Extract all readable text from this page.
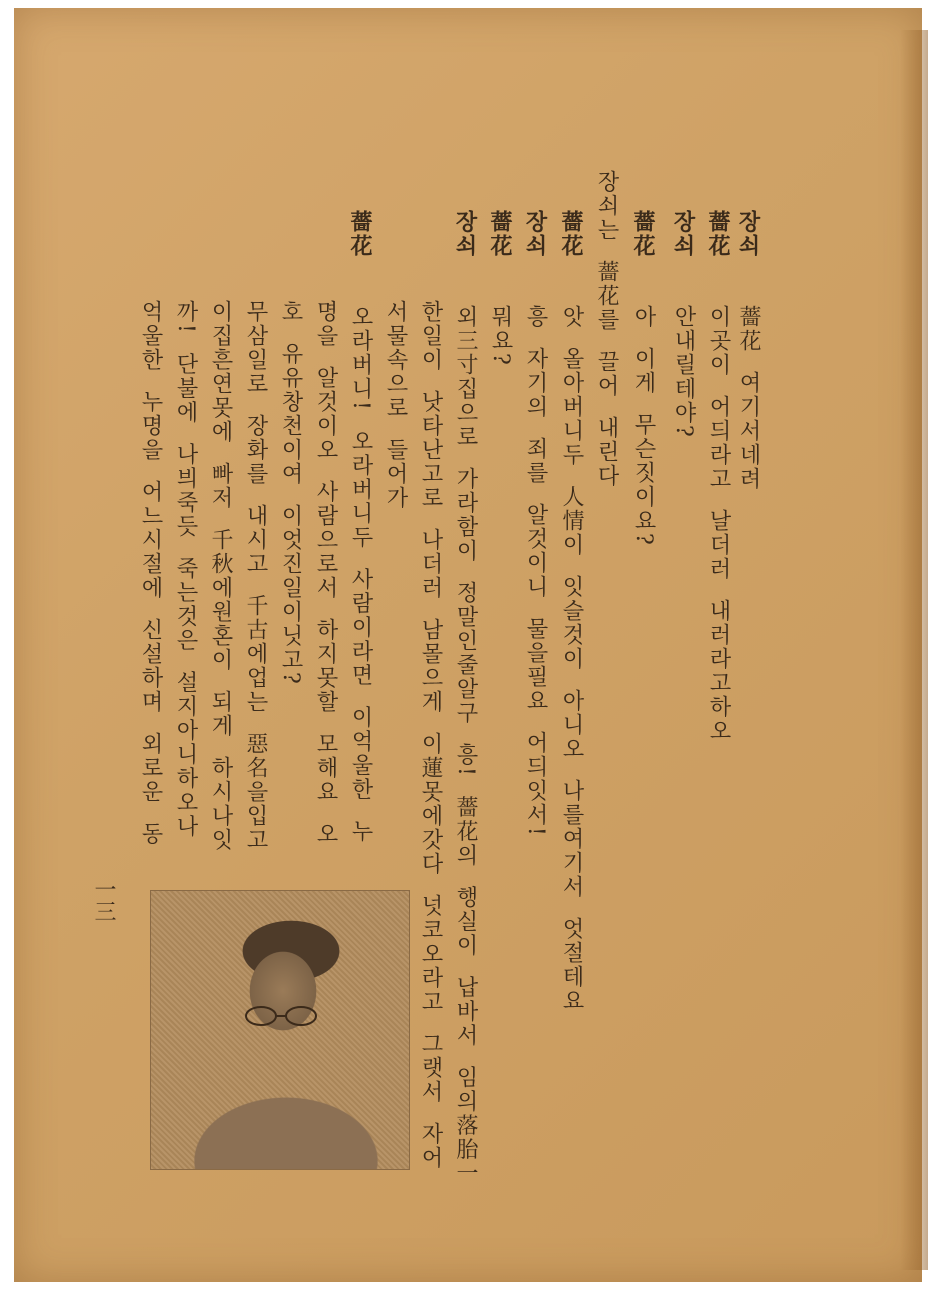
장쇠
薔花  여기서네려
薔花
이곳이  어듸라고  날더러  내러라고하오
장쇠
안내릴테야?
薔花
아  이게  무슨짓이요?
장쇠는  薔花를  끌어  내린다
薔花
앗  올아버니두  人情이  잇슬것이  아니오  나를여기서  엇절테요
장쇠
흥  자기의  죄를  알것이니  물을필요  어듸잇서!
薔花
뭐요?
장쇠
외三寸집으로  가라함이  정말인줄알구  흥!  薔花의  행실이  납바서  임의落胎一
한일이  낫타난고로  나더러  남몰으게  이蓮못에갓다  넛코오라고  그랫서  자어
서물속으로  들어가
薔花
오라버니!  오라버니두  사람이라면  이억울한  누
명을  알것이오  사람으로서  하지못할  모해요  오
호  유유창천이여  이엇진일이닛고?
무삼일로  장화를  내시고  千古에업는  惡名을입고
이집흔연못에  빠저  千秋에원혼이  되게  하시나잇
까!  단불에  나븨죽듯  죽는것은  설지아니하오나
억울한  누명을  어느시절에  신설하며  외로운  동
一三
